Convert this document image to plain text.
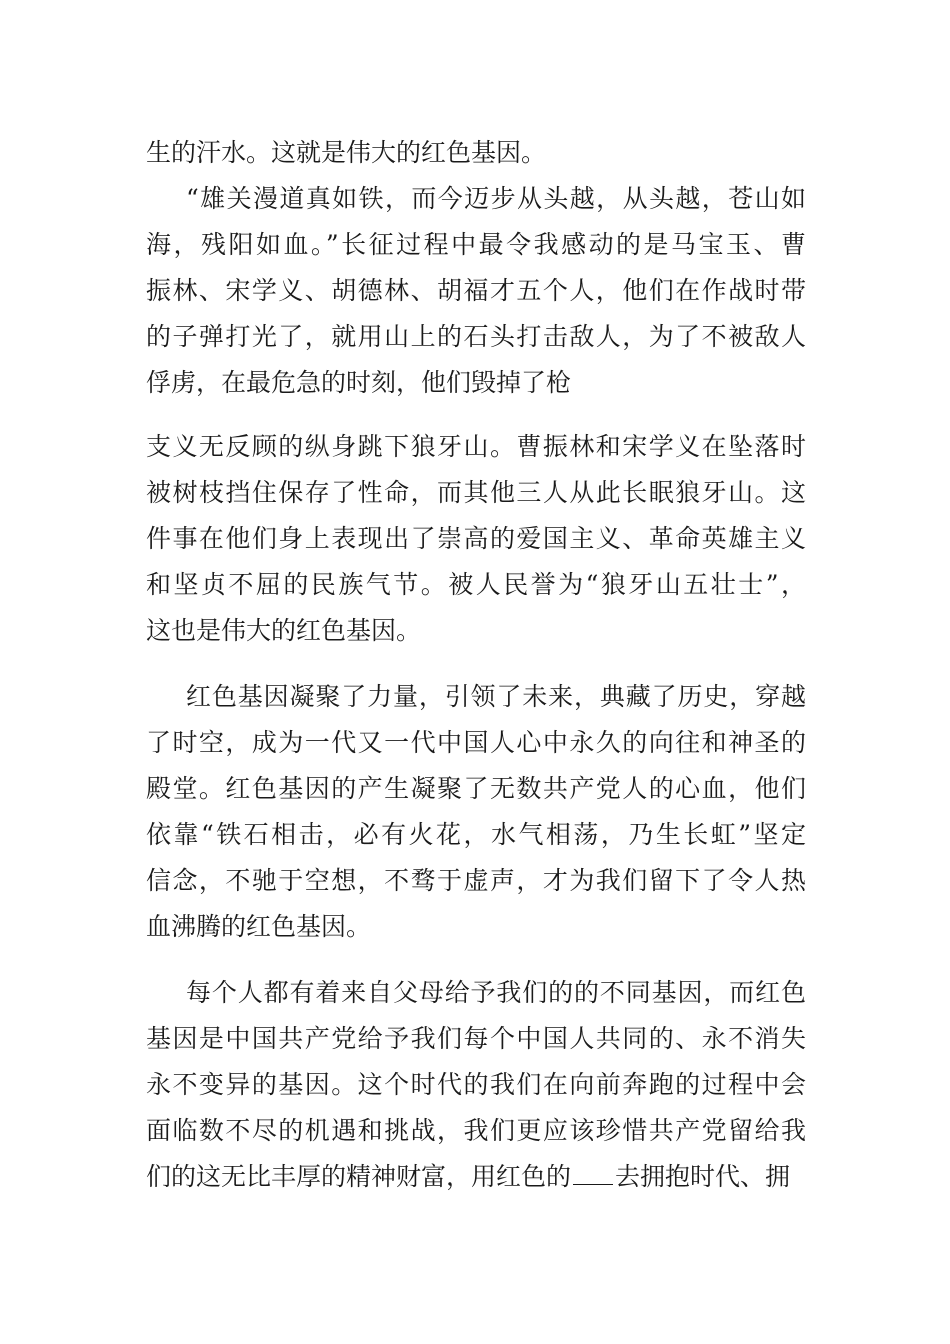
生的汗水。这就是伟大的红色基因。
“雄关漫道真如铁，而今迈步从头越，从头越，苍山如
海，残阳如血。”长征过程中最令我感动的是马宝玉、曹
振林、宋学义、胡德林、胡福才五个人，他们在作战时带
的子弹打光了，就用山上的石头打击敌人，为了不被敌人
俘虏，在最危急的时刻，他们毁掉了枪
支义无反顾的纵身跳下狼牙山。曹振林和宋学义在坠落时
被树枝挡住保存了性命，而其他三人从此长眠狼牙山。这
件事在他们身上表现出了崇高的爱国主义、革命英雄主义
和坚贞不屈的民族气节。被人民誉为“狼牙山五壮士”，
这也是伟大的红色基因。
红色基因凝聚了力量，引领了未来，典藏了历史，穿越
了时空，成为一代又一代中国人心中永久的向往和神圣的
殿堂。红色基因的产生凝聚了无数共产党人的心血，他们
依靠“铁石相击，必有火花，水气相荡，乃生长虹”坚定
信念，不驰于空想，不骛于虚声，才为我们留下了令人热
血沸腾的红色基因。
每个人都有着来自父母给予我们的的不同基因，而红色
基因是中国共产党给予我们每个中国人共同的、永不消失
永不变异的基因。这个时代的我们在向前奔跑的过程中会
面临数不尽的机遇和挑战，我们更应该珍惜共产党留给我
们的这无比丰厚的精神财富，用红色的 去拥抱时代、拥
